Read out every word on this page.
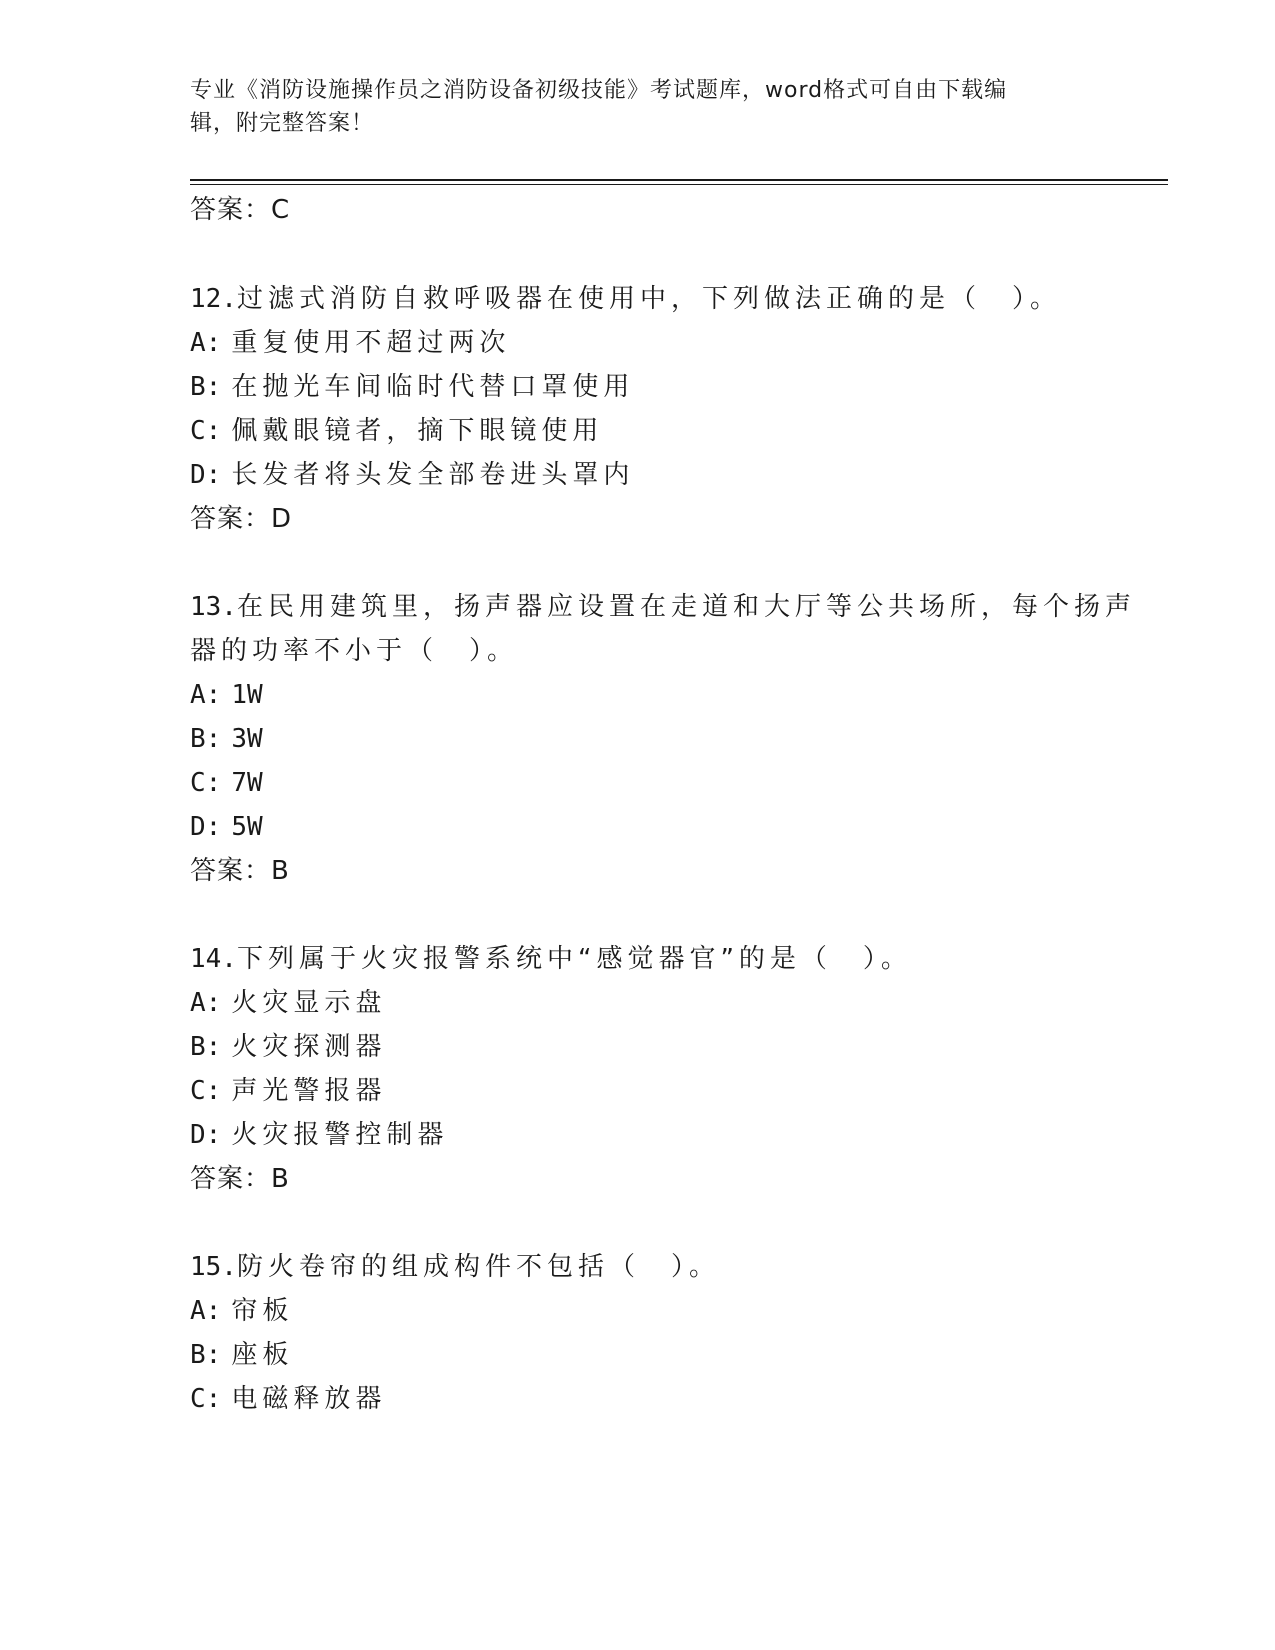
专业《消防设施操作员之消防设备初级技能》考试题库，word格式可自由下载编
辑，附完整答案！
答案：C
12.过滤式消防自救呼吸器在使用中，下列做法正确的是（　）。
A: 重复使用不超过两次
B: 在抛光车间临时代替口罩使用
C: 佩戴眼镜者，摘下眼镜使用
D: 长发者将头发全部卷进头罩内
答案：D
13.在民用建筑里，扬声器应设置在走道和大厅等公共场所，每个扬声
器的功率不小于（　）。
A: 1W
B: 3W
C: 7W
D: 5W
答案：B
14.下列属于火灾报警系统中“感觉器官”的是（　）。
A: 火灾显示盘
B: 火灾探测器
C: 声光警报器
D: 火灾报警控制器
答案：B
15.防火卷帘的组成构件不包括（　）。
A: 帘板
B: 座板
C: 电磁释放器
